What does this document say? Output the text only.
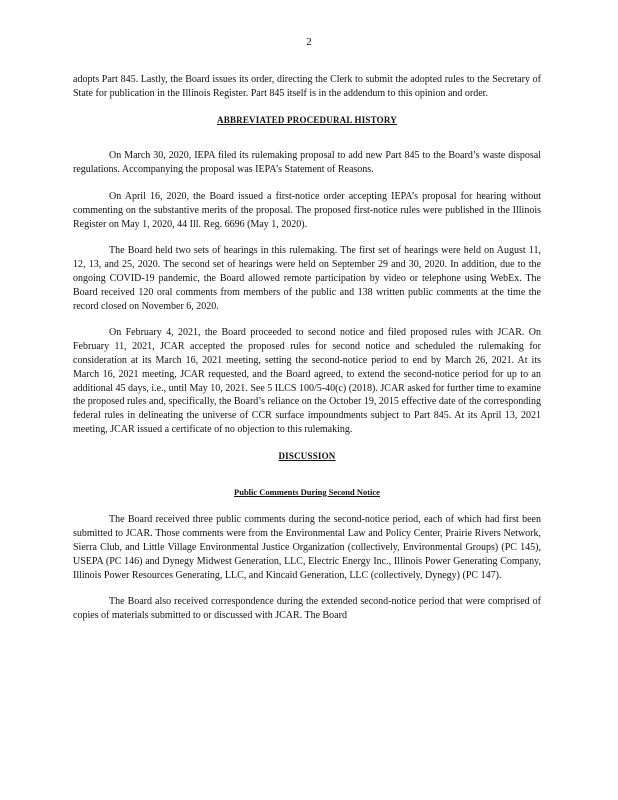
2

adopts Part 845. Lastly, the Board issues its order, directing the Clerk to submit the adopted rules to the Secretary of State for publication in the Illinois Register. Part 845 itself is in the addendum to this opinion and order.

ABBREVIATED PROCEDURAL HISTORY

On March 30, 2020, IEPA filed its rulemaking proposal to add new Part 845 to the Board’s waste disposal regulations. Accompanying the proposal was IEPA’s Statement of Reasons.

On April 16, 2020, the Board issued a first-notice order accepting IEPA’s proposal for hearing without commenting on the substantive merits of the proposal. The proposed first-notice rules were published in the Illinois Register on May 1, 2020, 44 Ill. Reg. 6696 (May 1, 2020).

The Board held two sets of hearings in this rulemaking. The first set of hearings were held on August 11, 12, 13, and 25, 2020. The second set of hearings were held on September 29 and 30, 2020. In addition, due to the ongoing COVID-19 pandemic, the Board allowed remote participation by video or telephone using WebEx. The Board received 120 oral comments from members of the public and 138 written public comments at the time the record closed on November 6, 2020.

On February 4, 2021, the Board proceeded to second notice and filed proposed rules with JCAR. On February 11, 2021, JCAR accepted the proposed rules for second notice and scheduled the rulemaking for consideration at its March 16, 2021 meeting, setting the second-notice period to end by March 26, 2021. At its March 16, 2021 meeting, JCAR requested, and the Board agreed, to extend the second-notice period for up to an additional 45 days, i.e., until May 10, 2021. See 5 ILCS 100/5-40(c) (2018). JCAR asked for further time to examine the proposed rules and, specifically, the Board’s reliance on the October 19, 2015 effective date of the corresponding federal rules in delineating the universe of CCR surface impoundments subject to Part 845. At its April 13, 2021 meeting, JCAR issued a certificate of no objection to this rulemaking.

DISCUSSION
Public Comments During Second Notice

The Board received three public comments during the second-notice period, each of which had first been submitted to JCAR. Those comments were from the Environmental Law and Policy Center, Prairie Rivers Network, Sierra Club, and Little Village Environmental Justice Organization (collectively, Environmental Groups) (PC 145), USEPA (PC 146) and Dynegy Midwest Generation, LLC, Electric Energy Inc., Illinois Power Generating Company, Illinois Power Resources Generating, LLC, and Kincaid Generation, LLC (collectively, Dynegy) (PC 147).

The Board also received correspondence during the extended second-notice period that were comprised of copies of materials submitted to or discussed with JCAR. The Board
